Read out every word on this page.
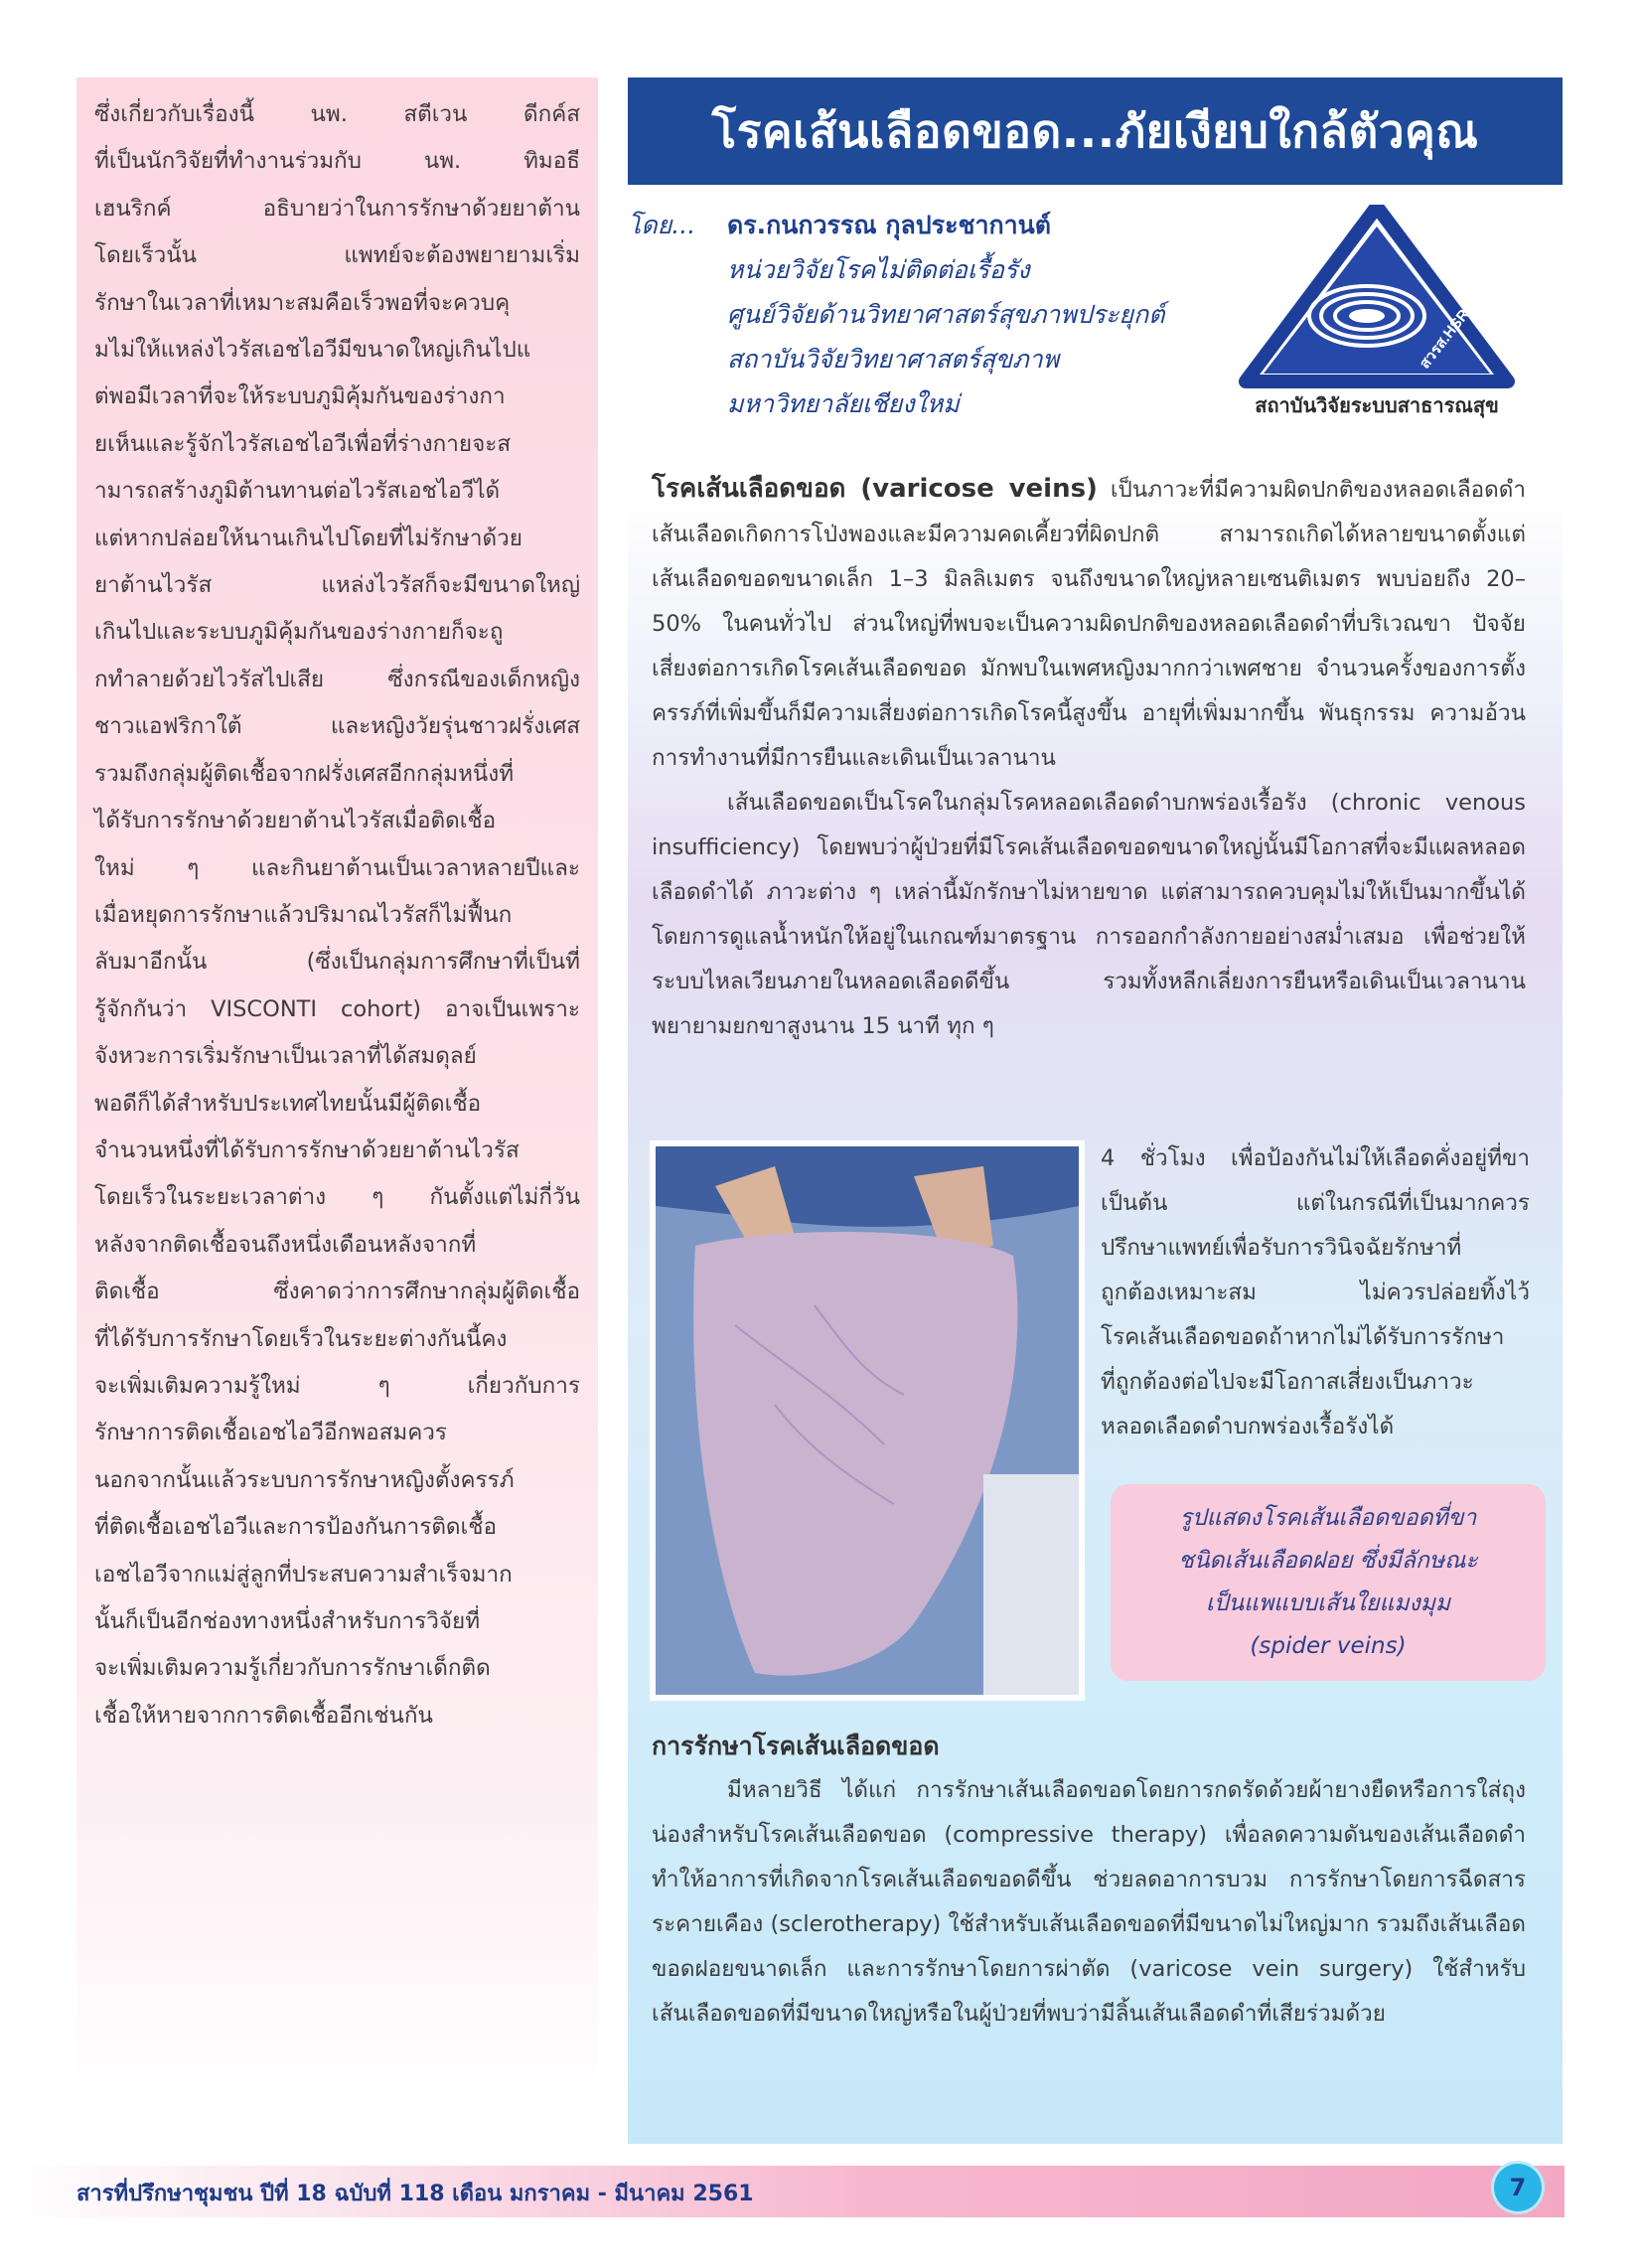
ซึ่งเกี่ยวกับเรื่องนี้ นพ. สตีเวน ดีกค์ส

ที่เป็นนักวิจัยที่ทำงานร่วมกับ นพ. ทิมอธี

เฮนริกค์ อธิบายว่าในการรักษาด้วยยาต้าน

โดยเร็วนั้น แพทย์จะต้องพยายามเริ่ม

รักษาในเวลาที่เหมาะสมคือเร็วพอที่จะควบคุ

มไม่ให้แหล่งไวรัสเอชไอวีมีขนาดใหญ่เกินไปแ

ต่พอมีเวลาที่จะให้ระบบภูมิคุ้มกันของร่างกา

ยเห็นและรู้จักไวรัสเอชไอวีเพื่อที่ร่างกายจะส

ามารถสร้างภูมิต้านทานต่อไวรัสเอชไอวีได้

แต่หากปล่อยให้นานเกินไปโดยที่ไม่รักษาด้วย

ยาต้านไวรัส แหล่งไวรัสก็จะมีขนาดใหญ่

เกินไปและระบบภูมิคุ้มกันของร่างกายก็จะถู

กทำลายด้วยไวรัสไปเสีย ซึ่งกรณีของเด็กหญิง

ชาวแอฟริกาใต้ และหญิงวัยรุ่นชาวฝรั่งเศส

รวมถึงกลุ่มผู้ติดเชื้อจากฝรั่งเศสอีกกลุ่มหนึ่งที่

ได้รับการรักษาด้วยยาต้านไวรัสเมื่อติดเชื้อ

ใหม่ ๆ และกินยาต้านเป็นเวลาหลายปีและ

เมื่อหยุดการรักษาแล้วปริมาณไวรัสก็ไม่ฟื้นก

ลับมาอีกนั้น (ซึ่งเป็นกลุ่มการศึกษาที่เป็นที่

รู้จักกันว่า VISCONTI cohort) อาจเป็นเพราะ

จังหวะการเริ่มรักษาเป็นเวลาที่ได้สมดุลย์

พอดีก็ได้สำหรับประเทศไทยนั้นมีผู้ติดเชื้อ

จำนวนหนึ่งที่ได้รับการรักษาด้วยยาต้านไวรัส

โดยเร็วในระยะเวลาต่าง ๆ กันตั้งแต่ไม่กี่วัน

หลังจากติดเชื้อจนถึงหนึ่งเดือนหลังจากที่

ติดเชื้อ ซึ่งคาดว่าการศึกษากลุ่มผู้ติดเชื้อ

ที่ได้รับการรักษาโดยเร็วในระยะต่างกันนี้คง

จะเพิ่มเติมความรู้ใหม่ ๆ เกี่ยวกับการ

รักษาการติดเชื้อเอชไอวีอีกพอสมควร

นอกจากนั้นแล้วระบบการรักษาหญิงตั้งครรภ์

ที่ติดเชื้อเอชไอวีและการป้องกันการติดเชื้อ

เอชไอวีจากแม่สู่ลูกที่ประสบความสำเร็จมาก

นั้นก็เป็นอีกช่องทางหนึ่งสำหรับการวิจัยที่

จะเพิ่มเติมความรู้เกี่ยวกับการรักษาเด็กติด

เชื้อให้หายจากการติดเชื้ออีกเช่นกัน

โรคเส้นเลือดขอด...ภัยเงียบใกล้ตัวคุณ
โดย... ดร.กนกวรรณ กุลประชากานต์
หน่วยวิจัยโรคไม่ติดต่อเรื้อรัง
ศูนย์วิจัยด้านวิทยาศาสตร์สุขภาพประยุกต์
สถาบันวิจัยวิทยาศาสตร์สุขภาพ
มหาวิทยาลัยเชียงใหม่
สวรส.HSRI
สถาบันวิจัยระบบสาธารณสุข

โรคเส้นเลือดขอด (varicose veins) เป็นภาวะที่มีความผิดปกติของหลอดเลือดดำ เส้นเลือดเกิดการโป่งพองและมีความคดเคี้ยวที่ผิดปกติ สามารถเกิดได้หลายขนาดตั้งแต่เส้นเลือดขอดขนาดเล็ก 1–3 มิลลิเมตร จนถึงขนาดใหญ่หลายเซนติเมตร พบบ่อยถึง 20–50% ในคนทั่วไป ส่วนใหญ่ที่พบจะเป็นความผิดปกติของหลอดเลือดดำที่บริเวณขา ปัจจัยเสี่ยงต่อการเกิดโรคเส้นเลือดขอด มักพบในเพศหญิงมากกว่าเพศชาย จำนวนครั้งของการตั้งครรภ์ที่เพิ่มขึ้นก็มีความเสี่ยงต่อการเกิดโรคนี้สูงขึ้น อายุที่เพิ่มมากขึ้น พันธุกรรม ความอ้วน การทำงานที่มีการยืนและเดินเป็นเวลานาน

เส้นเลือดขอดเป็นโรคในกลุ่มโรคหลอดเลือดดำบกพร่องเรื้อรัง (chronic venous insufficiency) โดยพบว่าผู้ป่วยที่มีโรคเส้นเลือดขอดขนาดใหญ่นั้นมีโอกาสที่จะมีแผลหลอดเลือดดำได้ ภาวะต่าง ๆ เหล่านี้มักรักษาไม่หายขาด แต่สามารถควบคุมไม่ให้เป็นมากขึ้นได้โดยการดูแลน้ำหนักให้อยู่ในเกณฑ์มาตรฐาน การออกกำลังกายอย่างสม่ำเสมอ เพื่อช่วยให้ระบบไหลเวียนภายในหลอดเลือดดีขึ้น รวมทั้งหลีกเลี่ยงการยืนหรือเดินเป็นเวลานาน พยายามยกขาสูงนาน 15 นาที ทุก ๆ

4 ชั่วโมง เพื่อป้องกันไม่ให้เลือดคั่งอยู่ที่ขา

เป็นต้น แต่ในกรณีที่เป็นมากควร

ปรึกษาแพทย์เพื่อรับการวินิจฉัยรักษาที่

ถูกต้องเหมาะสม ไม่ควรปล่อยทิ้งไว้

โรคเส้นเลือดขอดถ้าหากไม่ได้รับการรักษา

ที่ถูกต้องต่อไปจะมีโอกาสเสี่ยงเป็นภาวะ

หลอดเลือดดำบกพร่องเรื้อรังได้

รูปแสดงโรคเส้นเลือดขอดที่ขา
ชนิดเส้นเลือดฝอย ซึ่งมีลักษณะ
เป็นแพแบบเส้นใยแมงมุม
(spider veins)
การรักษาโรคเส้นเลือดขอด

มีหลายวิธี ได้แก่ การรักษาเส้นเลือดขอดโดยการกดรัดด้วยผ้ายางยืดหรือการใส่ถุงน่องสำหรับโรคเส้นเลือดขอด (compressive therapy) เพื่อลดความดันของเส้นเลือดดำ ทำให้อาการที่เกิดจากโรคเส้นเลือดขอดดีขึ้น ช่วยลดอาการบวม การรักษาโดยการฉีดสารระคายเคือง (sclerotherapy) ใช้สำหรับเส้นเลือดขอดที่มีขนาดไม่ใหญ่มาก รวมถึงเส้นเลือดขอดฝอยขนาดเล็ก และการรักษาโดยการผ่าตัด (varicose vein surgery) ใช้สำหรับเส้นเลือดขอดที่มีขนาดใหญ่หรือในผู้ป่วยที่พบว่ามีลิ้นเส้นเลือดดำที่เสียร่วมด้วย

สารที่ปรึกษาชุมชน ปีที่ 18 ฉบับที่ 118 เดือน มกราคม - มีนาคม 2561	7
